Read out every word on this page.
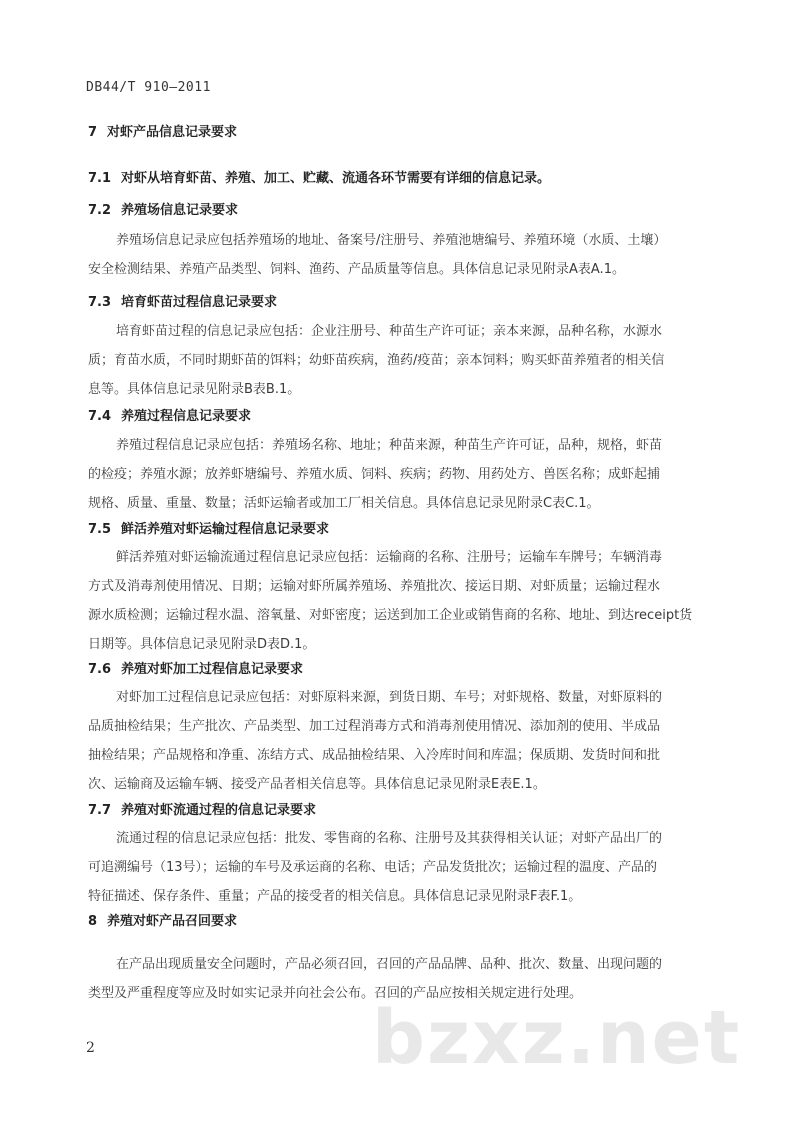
DB44/T 910—2011
7 对虾产品信息记录要求
7.1 对虾从培育虾苗、养殖、加工、贮藏、流通各环节需要有详细的信息记录。
7.2 养殖场信息记录要求
养殖场信息记录应包括养殖场的地址、备案号/注册号、养殖池塘编号、养殖环境（水质、土壤）
安全检测结果、养殖产品类型、饲料、渔药、产品质量等信息。具体信息记录见附录A表A.1。
7.3 培育虾苗过程信息记录要求
培育虾苗过程的信息记录应包括：企业注册号、种苗生产许可证；亲本来源，品种名称，水源水
质；育苗水质，不同时期虾苗的饵料；幼虾苗疾病，渔药/疫苗；亲本饲料；购买虾苗养殖者的相关信
息等。具体信息记录见附录B表B.1。
7.4 养殖过程信息记录要求
养殖过程信息记录应包括：养殖场名称、地址；种苗来源，种苗生产许可证，品种，规格，虾苗
的检疫；养殖水源；放养虾塘编号、养殖水质、饲料、疾病；药物、用药处方、兽医名称；成虾起捕
规格、质量、重量、数量；活虾运输者或加工厂相关信息。具体信息记录见附录C表C.1。
7.5 鲜活养殖对虾运输过程信息记录要求
鲜活养殖对虾运输流通过程信息记录应包括：运输商的名称、注册号；运输车车牌号；车辆消毒
方式及消毒剂使用情况、日期；运输对虾所属养殖场、养殖批次、接运日期、对虾质量；运输过程水
源水质检测；运输过程水温、溶氧量、对虾密度；运送到加工企业或销售商的名称、地址、到达receipt货
日期等。具体信息记录见附录D表D.1。
7.6 养殖对虾加工过程信息记录要求
对虾加工过程信息记录应包括：对虾原料来源，到货日期、车号；对虾规格、数量，对虾原料的
品质抽检结果；生产批次、产品类型、加工过程消毒方式和消毒剂使用情况、添加剂的使用、半成品
抽检结果；产品规格和净重、冻结方式、成品抽检结果、入冷库时间和库温；保质期、发货时间和批
次、运输商及运输车辆、接受产品者相关信息等。具体信息记录见附录E表E.1。
7.7 养殖对虾流通过程的信息记录要求
流通过程的信息记录应包括：批发、零售商的名称、注册号及其获得相关认证；对虾产品出厂的
可追溯编号（13号）；运输的车号及承运商的名称、电话；产品发货批次；运输过程的温度、产品的
特征描述、保存条件、重量；产品的接受者的相关信息。具体信息记录见附录F表F.1。
8 养殖对虾产品召回要求
在产品出现质量安全问题时，产品必须召回，召回的产品品牌、品种、批次、数量、出现问题的
类型及严重程度等应及时如实记录并向社会公布。召回的产品应按相关规定进行处理。
bzxz.net
2
